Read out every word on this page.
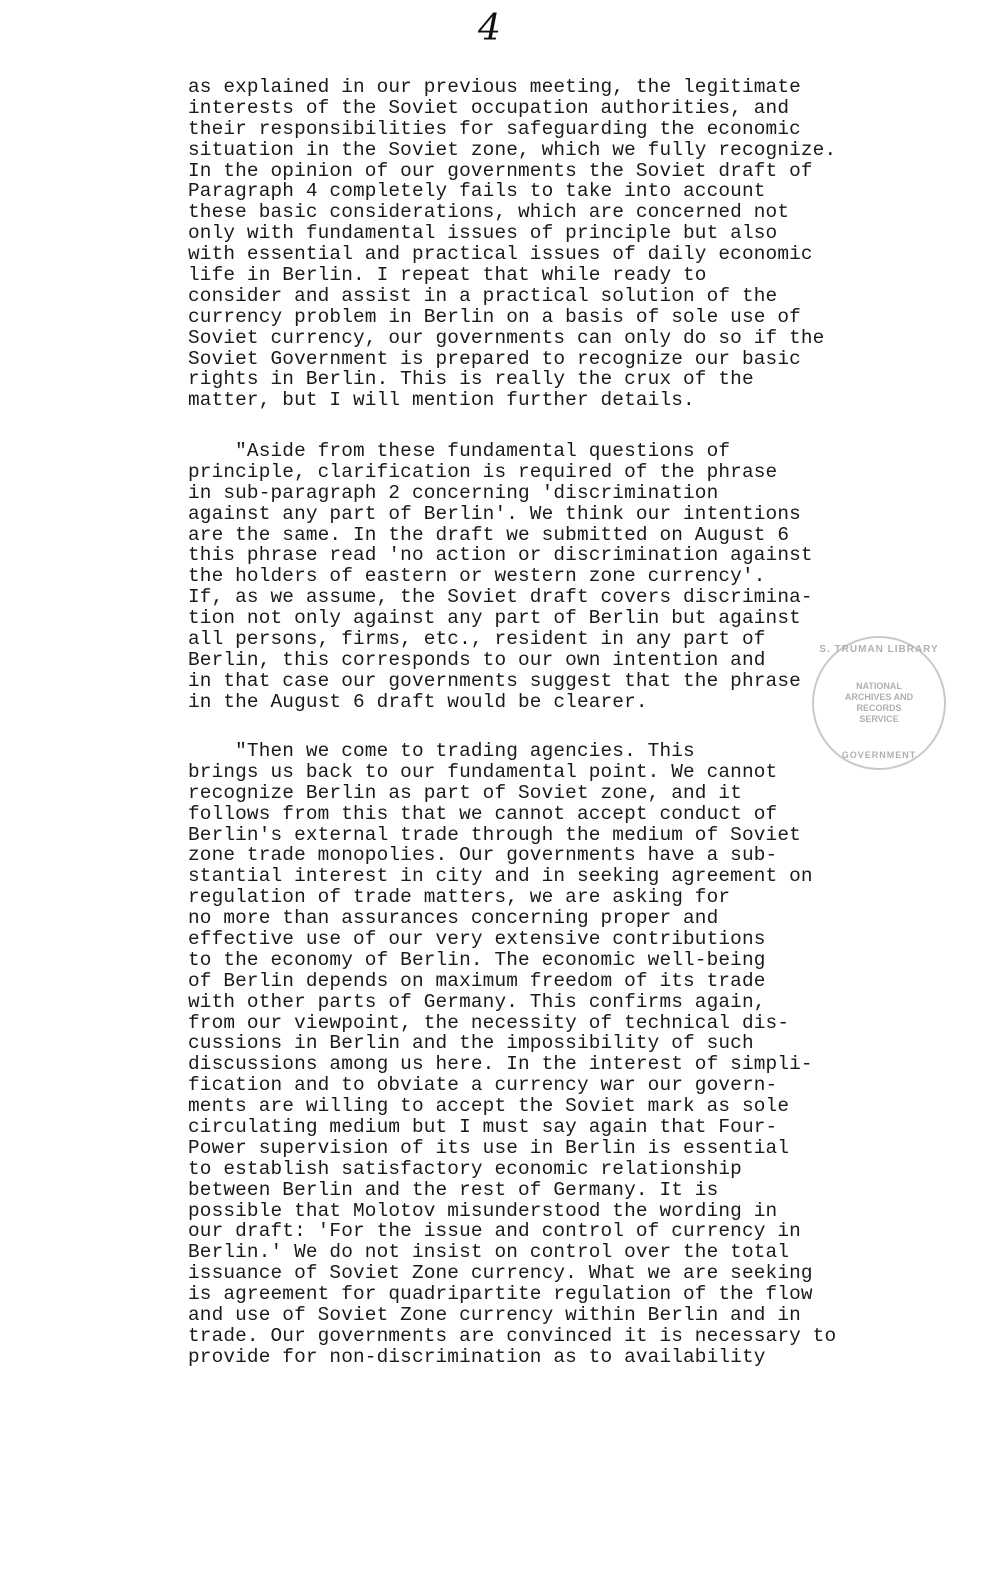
4
as explained in our previous meeting, the legitimate
interests of the Soviet occupation authorities, and
their responsibilities for safeguarding the economic
situation in the Soviet zone, which we fully recognize.
In the opinion of our governments the Soviet draft of
Paragraph 4 completely fails to take into account
these basic considerations, which are concerned not
only with fundamental issues of principle but also
with essential and practical issues of daily economic
life in Berlin. I repeat that while ready to
consider and assist in a practical solution of the
currency problem in Berlin on a basis of sole use of
Soviet currency, our governments can only do so if the
Soviet Government is prepared to recognize our basic
rights in Berlin. This is really the crux of the
matter, but I will mention further details.
"Aside from these fundamental questions of
principle, clarification is required of the phrase
in sub-paragraph 2 concerning 'discrimination
against any part of Berlin'. We think our intentions
are the same. In the draft we submitted on August 6
this phrase read 'no action or discrimination against
the holders of eastern or western zone currency'.
If, as we assume, the Soviet draft covers discrimina-
tion not only against any part of Berlin but against
all persons, firms, etc., resident in any part of
Berlin, this corresponds to our own intention and
in that case our governments suggest that the phrase
in the August 6 draft would be clearer.
"Then we come to trading agencies. This
brings us back to our fundamental point. We cannot
recognize Berlin as part of Soviet zone, and it
follows from this that we cannot accept conduct of
Berlin's external trade through the medium of Soviet
zone trade monopolies. Our governments have a sub-
stantial interest in city and in seeking agreement on
regulation of trade matters, we are asking for
no more than assurances concerning proper and
effective use of our very extensive contributions
to the economy of Berlin. The economic well-being
of Berlin depends on maximum freedom of its trade
with other parts of Germany. This confirms again,
from our viewpoint, the necessity of technical dis-
cussions in Berlin and the impossibility of such
discussions among us here. In the interest of simpli-
fication and to obviate a currency war our govern-
ments are willing to accept the Soviet mark as sole
circulating medium but I must say again that Four-
Power supervision of its use in Berlin is essential
to establish satisfactory economic relationship
between Berlin and the rest of Germany. It is
possible that Molotov misunderstood the wording in
our draft: 'For the issue and control of currency in
Berlin.' We do not insist on control over the total
issuance of Soviet Zone currency. What we are seeking
is agreement for quadripartite regulation of the flow
and use of Soviet Zone currency within Berlin and in
trade. Our governments are convinced it is necessary to
provide for non-discrimination as to availability
S. TRUMAN LIBRARY
NATIONAL
ARCHIVES AND
RECORDS
SERVICE
GOVERNMENT
